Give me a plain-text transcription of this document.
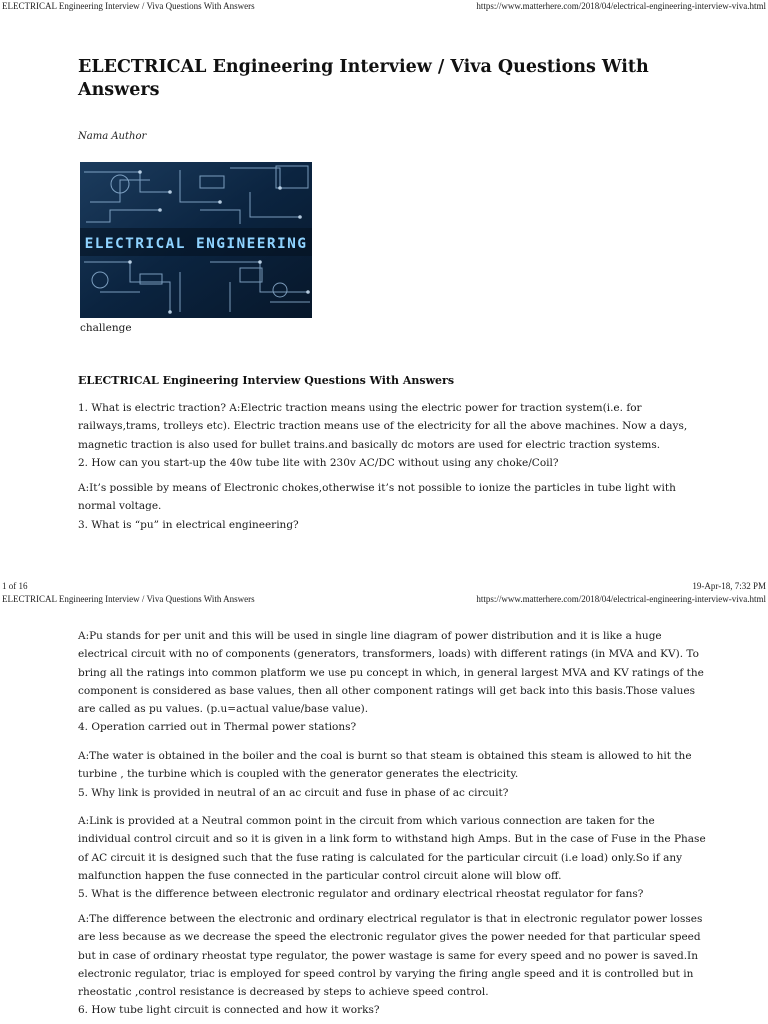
ELECTRICAL Engineering Interview / Viva Questions With Answers	https://www.matterhere.com/2018/04/electrical-engineering-interview-viva.html
ELECTRICAL Engineering Interview / Viva Questions With Answers
Nama Author
ELECTRICAL ENGINEERING
challenge
ELECTRICAL Engineering Interview Questions With Answers

1. What is electric traction? A:Electric traction means using the electric power for traction system(i.e. for railways,trams, trolleys etc). Electric traction means use of the electricity for all the above machines. Now a days, magnetic traction is also used for bullet trains.and basically dc motors are used for electric traction systems.

2. How can you start-up the 40w tube lite with 230v AC/DC without using any choke/Coil?

A:It’s possible by means of Electronic chokes,otherwise it’s not possible to ionize the particles in tube light with normal voltage.

3. What is “pu” in electrical engineering?

1 of 16	19-Apr-18, 7:32 PM
ELECTRICAL Engineering Interview / Viva Questions With Answers	https://www.matterhere.com/2018/04/electrical-engineering-interview-viva.html

A:Pu stands for per unit and this will be used in single line diagram of power distribution and it is like a huge electrical circuit with no of components (generators, transformers, loads) with different ratings (in MVA and KV). To bring all the ratings into common platform we use pu concept in which, in general largest MVA and KV ratings of the component is considered as base values, then all other component ratings will get back into this basis.Those values are called as pu values. (p.u=actual value/base value).

4. Operation carried out in Thermal power stations?

A:The water is obtained in the boiler and the coal is burnt so that steam is obtained this steam is allowed to hit the turbine , the turbine which is coupled with the generator generates the electricity.

5. Why link is provided in neutral of an ac circuit and fuse in phase of ac circuit?

A:Link is provided at a Neutral common point in the circuit from which various connection are taken for the individual control circuit and so it is given in a link form to withstand high Amps. But in the case of Fuse in the Phase of AC circuit it is designed such that the fuse rating is calculated for the particular circuit (i.e load) only.So if any malfunction happen the fuse connected in the particular control circuit alone will blow off.

5. What is the difference between electronic regulator and ordinary electrical rheostat regulator for fans?

A:The difference between the electronic and ordinary electrical regulator is that in electronic regulator power losses are less because as we decrease the speed the electronic regulator gives the power needed for that particular speed but in case of ordinary rheostat type regulator, the power wastage is same for every speed and no power is saved.In electronic regulator, triac is employed for speed control by varying the firing angle speed and it is controlled but in rheostatic ,control resistance is decreased by steps to achieve speed control.

6. How tube light circuit is connected and how it works?
